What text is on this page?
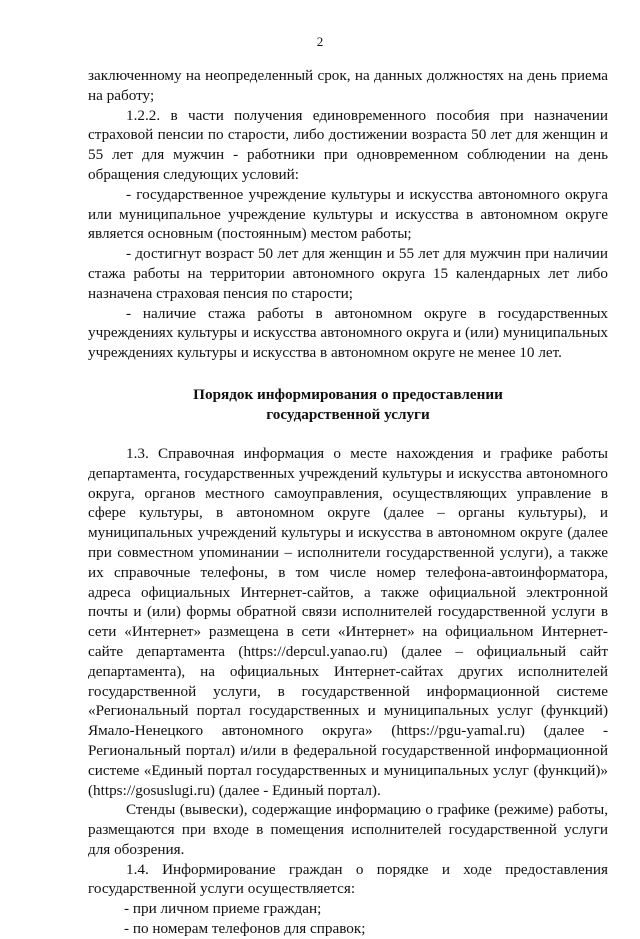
2

заключенному на неопределенный срок, на данных должностях на день приема на работу;

1.2.2. в части получения единовременного пособия при назначении страховой пенсии по старости, либо достижении возраста 50 лет для женщин и 55 лет для мужчин - работники при одновременном соблюдении на день обращения следующих условий:

- государственное учреждение культуры и искусства автономного округа или муниципальное учреждение культуры и искусства в автономном округе является основным (постоянным) местом работы;

- достигнут возраст 50 лет для женщин и 55 лет для мужчин при наличии стажа работы на территории автономного округа 15 календарных лет либо назначена страховая пенсия по старости;

- наличие стажа работы в автономном округе в государственных учреждениях культуры и искусства автономного округа и (или) муниципальных учреждениях культуры и искусства в автономном округе не менее 10 лет.

Порядок информирования о предоставлении
государственной услуги

1.3. Справочная информация о месте нахождения и графике работы департамента, государственных учреждений культуры и искусства автономного округа, органов местного самоуправления, осуществляющих управление в сфере культуры, в автономном округе (далее – органы культуры), и муниципальных учреждений культуры и искусства в автономном округе (далее при совместном упоминании – исполнители государственной услуги), а также их справочные телефоны, в том числе номер телефона-автоинформатора, адреса официальных Интернет-сайтов, а также официальной электронной почты и (или) формы обратной связи исполнителей государственной услуги в сети «Интернет» размещена в сети «Интернет» на официальном Интернет-сайте департамента (https://depcul.yanao.ru) (далее – официальный сайт департамента), на официальных Интернет-сайтах других исполнителей государственной услуги, в государственной информационной системе «Региональный портал государственных и муниципальных услуг (функций) Ямало-Ненецкого автономного округа» (https://pgu-yamal.ru) (далее - Региональный портал) и/или в федеральной государственной информационной системе «Единый портал государственных и муниципальных услуг (функций)» (https://gosuslugi.ru) (далее - Единый портал).

Стенды (вывески), содержащие информацию о графике (режиме) работы, размещаются при входе в помещения исполнителей государственной услуги для обозрения.

1.4. Информирование граждан о порядке и ходе предоставления государственной услуги осуществляется:

- при личном приеме граждан;

- по номерам телефонов для справок;
